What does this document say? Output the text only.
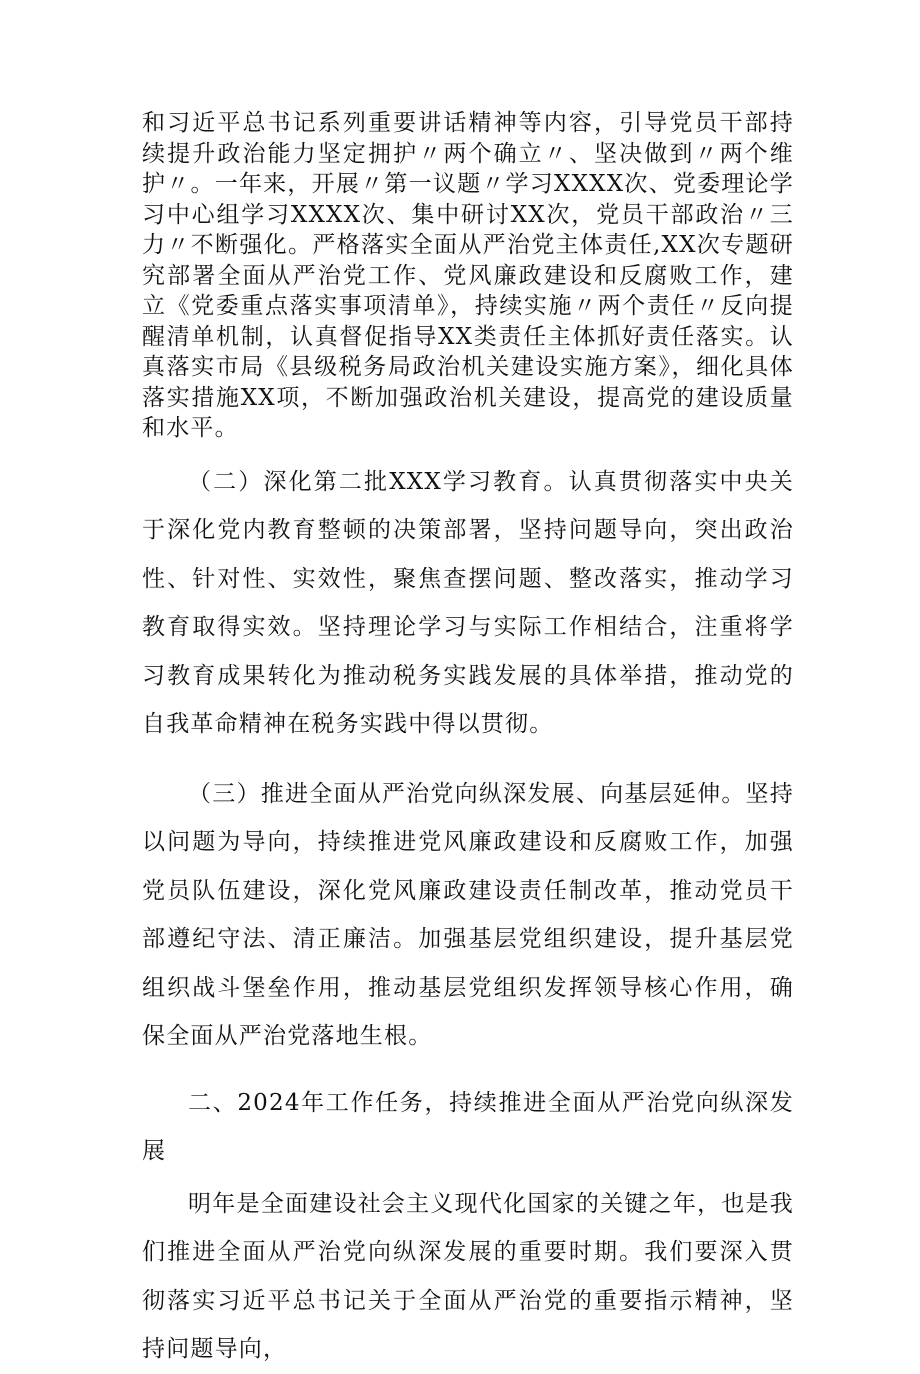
和习近平总书记系列重要讲话精神等内容，引导党员干部持续提升政治能力坚定拥护〃两个确立〃、坚决做到〃两个维护〃。一年来，开展〃第一议题〃学习XXXX次、党委理论学习中心组学习XXXX次、集中研讨XX次，党员干部政治〃三力〃不断强化。严格落实全面从严治党主体责任,XX次专题研究部署全面从严治党工作、党风廉政建设和反腐败工作，建立《党委重点落实事项清单》，持续实施〃两个责任〃反向提醒清单机制，认真督促指导XX类责任主体抓好责任落实。认真落实市局《县级税务局政治机关建设实施方案》，细化具体落实措施XX项，不断加强政治机关建设，提高党的建设质量和水平。

（二）深化第二批XXX学习教育。认真贯彻落实中央关于深化党内教育整顿的决策部署，坚持问题导向，突出政治性、针对性、实效性，聚焦查摆问题、整改落实，推动学习教育取得实效。坚持理论学习与实际工作相结合，注重将学习教育成果转化为推动税务实践发展的具体举措，推动党的自我革命精神在税务实践中得以贯彻。

（三）推进全面从严治党向纵深发展、向基层延伸。坚持以问题为导向，持续推进党风廉政建设和反腐败工作，加强党员队伍建设，深化党风廉政建设责任制改革，推动党员干部遵纪守法、清正廉洁。加强基层党组织建设，提升基层党组织战斗堡垒作用，推动基层党组织发挥领导核心作用，确保全面从严治党落地生根。

二、2024年工作任务，持续推进全面从严治党向纵深发展

明年是全面建设社会主义现代化国家的关键之年，也是我们推进全面从严治党向纵深发展的重要时期。我们要深入贯彻落实习近平总书记关于全面从严治党的重要指示精神，坚持问题导向，
